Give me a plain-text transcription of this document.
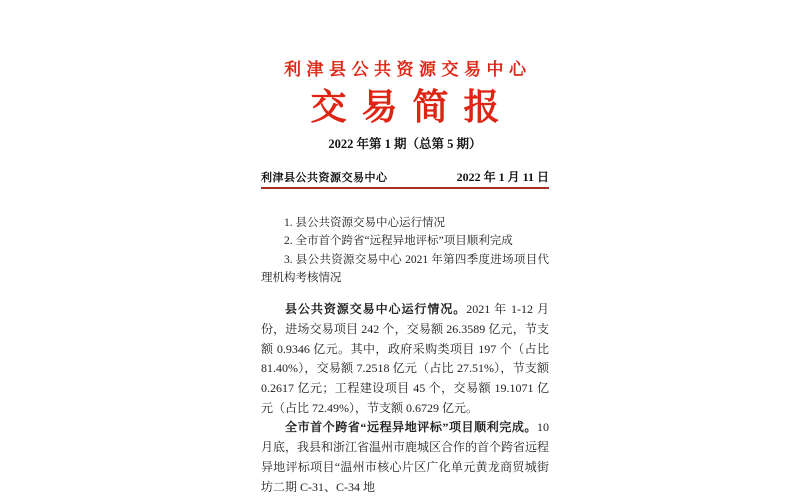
利津县公共资源交易中心
交易简报
2022 年第 1 期（总第 5 期）
利津县公共资源交易中心	2022 年 1 月 11 日

1. 县公共资源交易中心运行情况

2. 全市首个跨省“远程异地评标”项目顺利完成

3. 县公共资源交易中心 2021 年第四季度进场项目代理机构考核情况

县公共资源交易中心运行情况。2021 年 1-12 月份，进场交易项目 242 个，交易额 26.3589 亿元，节支额 0.9346 亿元。其中，政府采购类项目 197 个（占比 81.40%），交易额 7.2518 亿元（占比 27.51%），节支额 0.2617 亿元；工程建设项目 45 个，交易额 19.1071 亿元（占比 72.49%），节支额 0.6729 亿元。

全市首个跨省“远程异地评标”项目顺利完成。10 月底，我县和浙江省温州市鹿城区合作的首个跨省远程异地评标项目“温州市核心片区广化单元黄龙商贸城街坊二期 C-31、C-34 地
